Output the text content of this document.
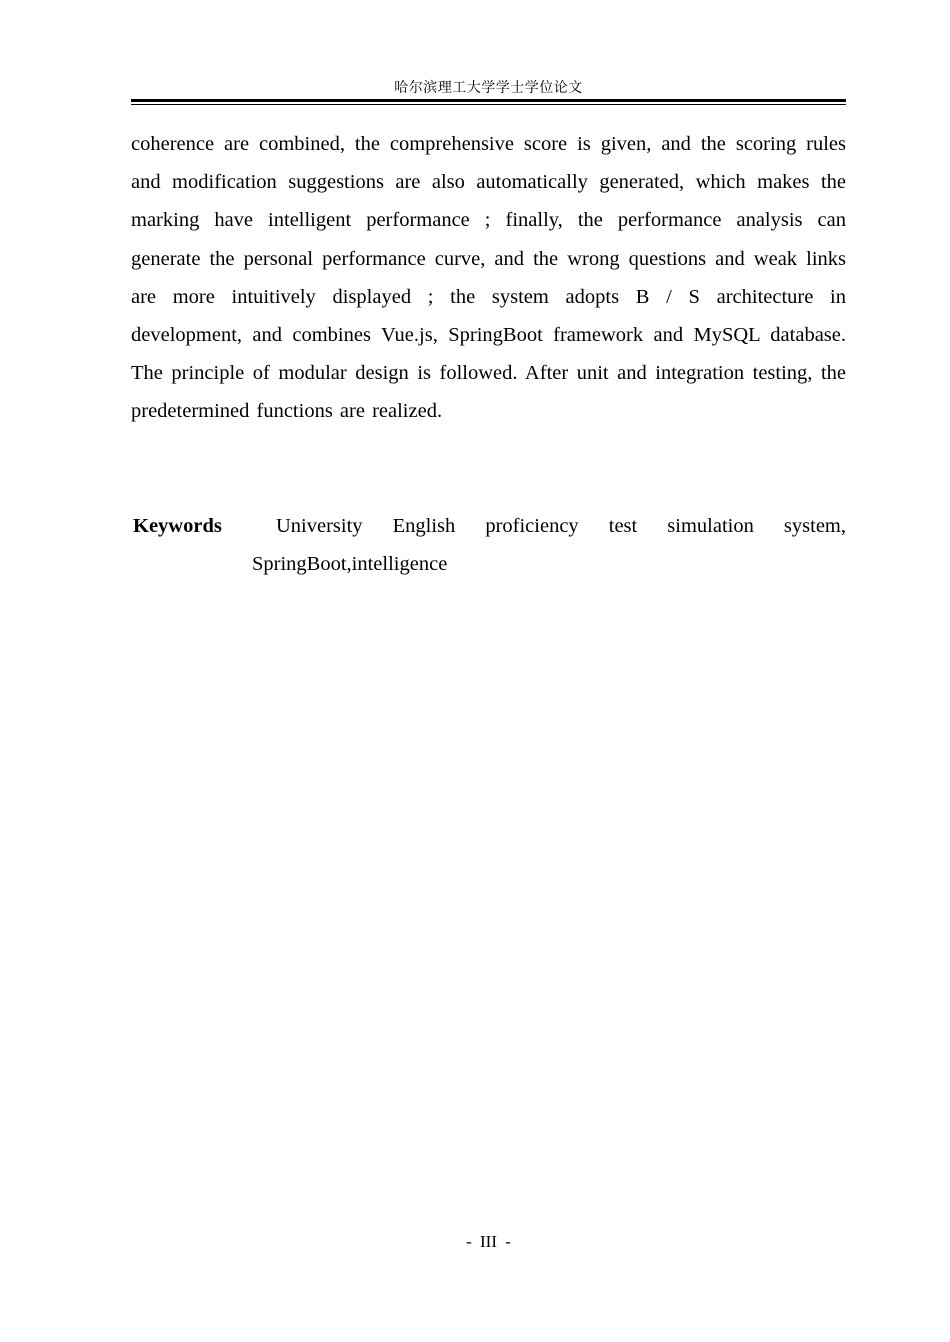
哈尔滨理工大学学士学位论文

coherence are combined, the comprehensive score is given, and the scoring rules and modification suggestions are also automatically generated, which makes the marking have intelligent performance ; finally, the performance analysis can generate the personal performance curve, and the wrong questions and weak links are more intuitively displayed ; the system adopts B / S architecture in development, and combines Vue.js, SpringBoot framework and MySQL database. The principle of modular design is followed. After unit and integration testing, the predetermined functions are realized.

Keywords	University English proficiency test simulation system, SpringBoot,intelligence

- III -
